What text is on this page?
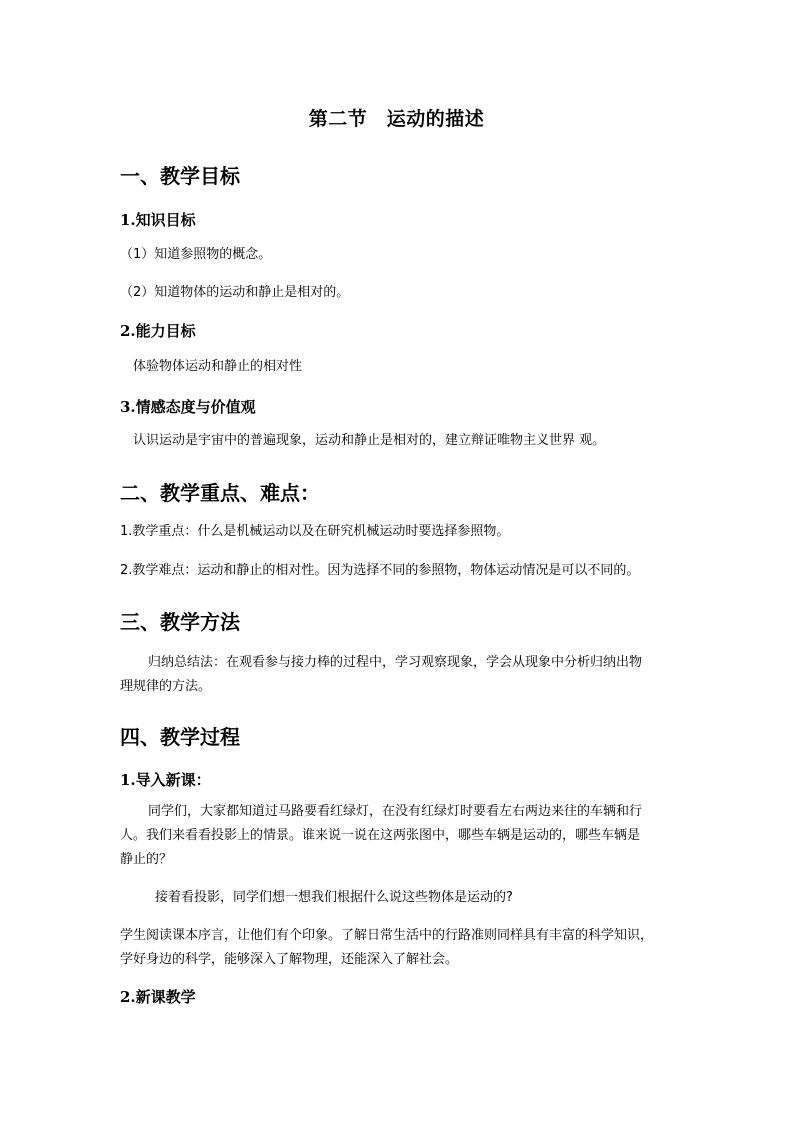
第二节　运动的描述
一、教学目标
1.知识目标

（1）知道参照物的概念。

（2）知道物体的运动和静止是相对的。

2.能力目标

体验物体运动和静止的相对性

3.情感态度与价值观

认识运动是宇宙中的普遍现象，运动和静止是相对的，建立辩证唯物主义世界 观。

二、教学重点、难点：

1.教学重点：什么是机械运动以及在研究机械运动时要选择参照物。

2.教学难点：运动和静止的相对性。因为选择不同的参照物，物体运动情况是可以不同的。

三、教学方法

归纳总结法：在观看参与接力棒的过程中，学习观察现象，学会从现象中分析归纳出物

理规律的方法。

四、教学过程
1.导入新课：

同学们，大家都知道过马路要看红绿灯，在没有红绿灯时要看左右两边来往的车辆和行

人。我们来看看投影上的情景。谁来说一说在这两张图中，哪些车辆是运动的，哪些车辆是

静止的？

接着看投影，同学们想一想我们根据什么说这些物体是运动的?

学生阅读课本序言，让他们有个印象。了解日常生活中的行路准则同样具有丰富的科学知识，

学好身边的科学，能够深入了解物理，还能深入了解社会。

2.新课教学
